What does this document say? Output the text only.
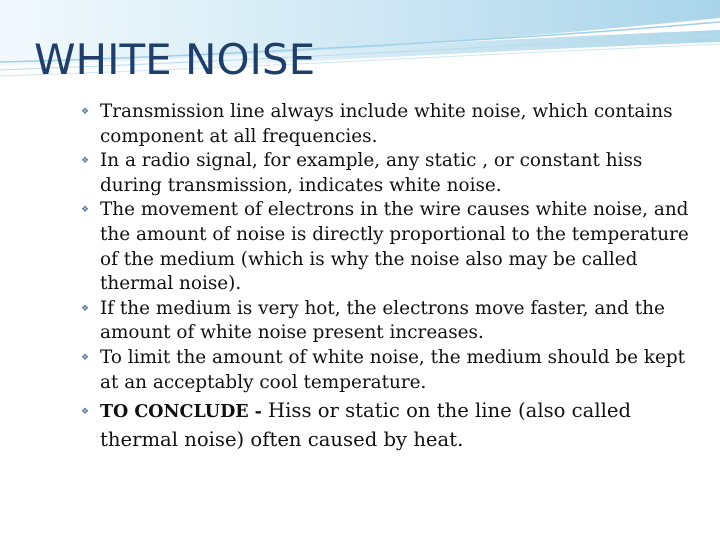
WHITE NOISE
❖ Transmission line always include white noise, which contains component at all frequencies.
❖ In a radio signal, for example, any static , or constant hiss during transmission, indicates white noise.
❖ The movement of electrons in the wire causes white noise, and the amount of noise is directly proportional to the temperature of the medium (which is why the noise also may be called thermal noise).
❖ If the medium is very hot, the electrons move faster, and the amount of white noise present increases.
❖ To limit the amount of white noise, the medium should be kept at an acceptably cool temperature.
❖ TO CONCLUDE - Hiss or static on the line (also called thermal noise) often caused by heat.
